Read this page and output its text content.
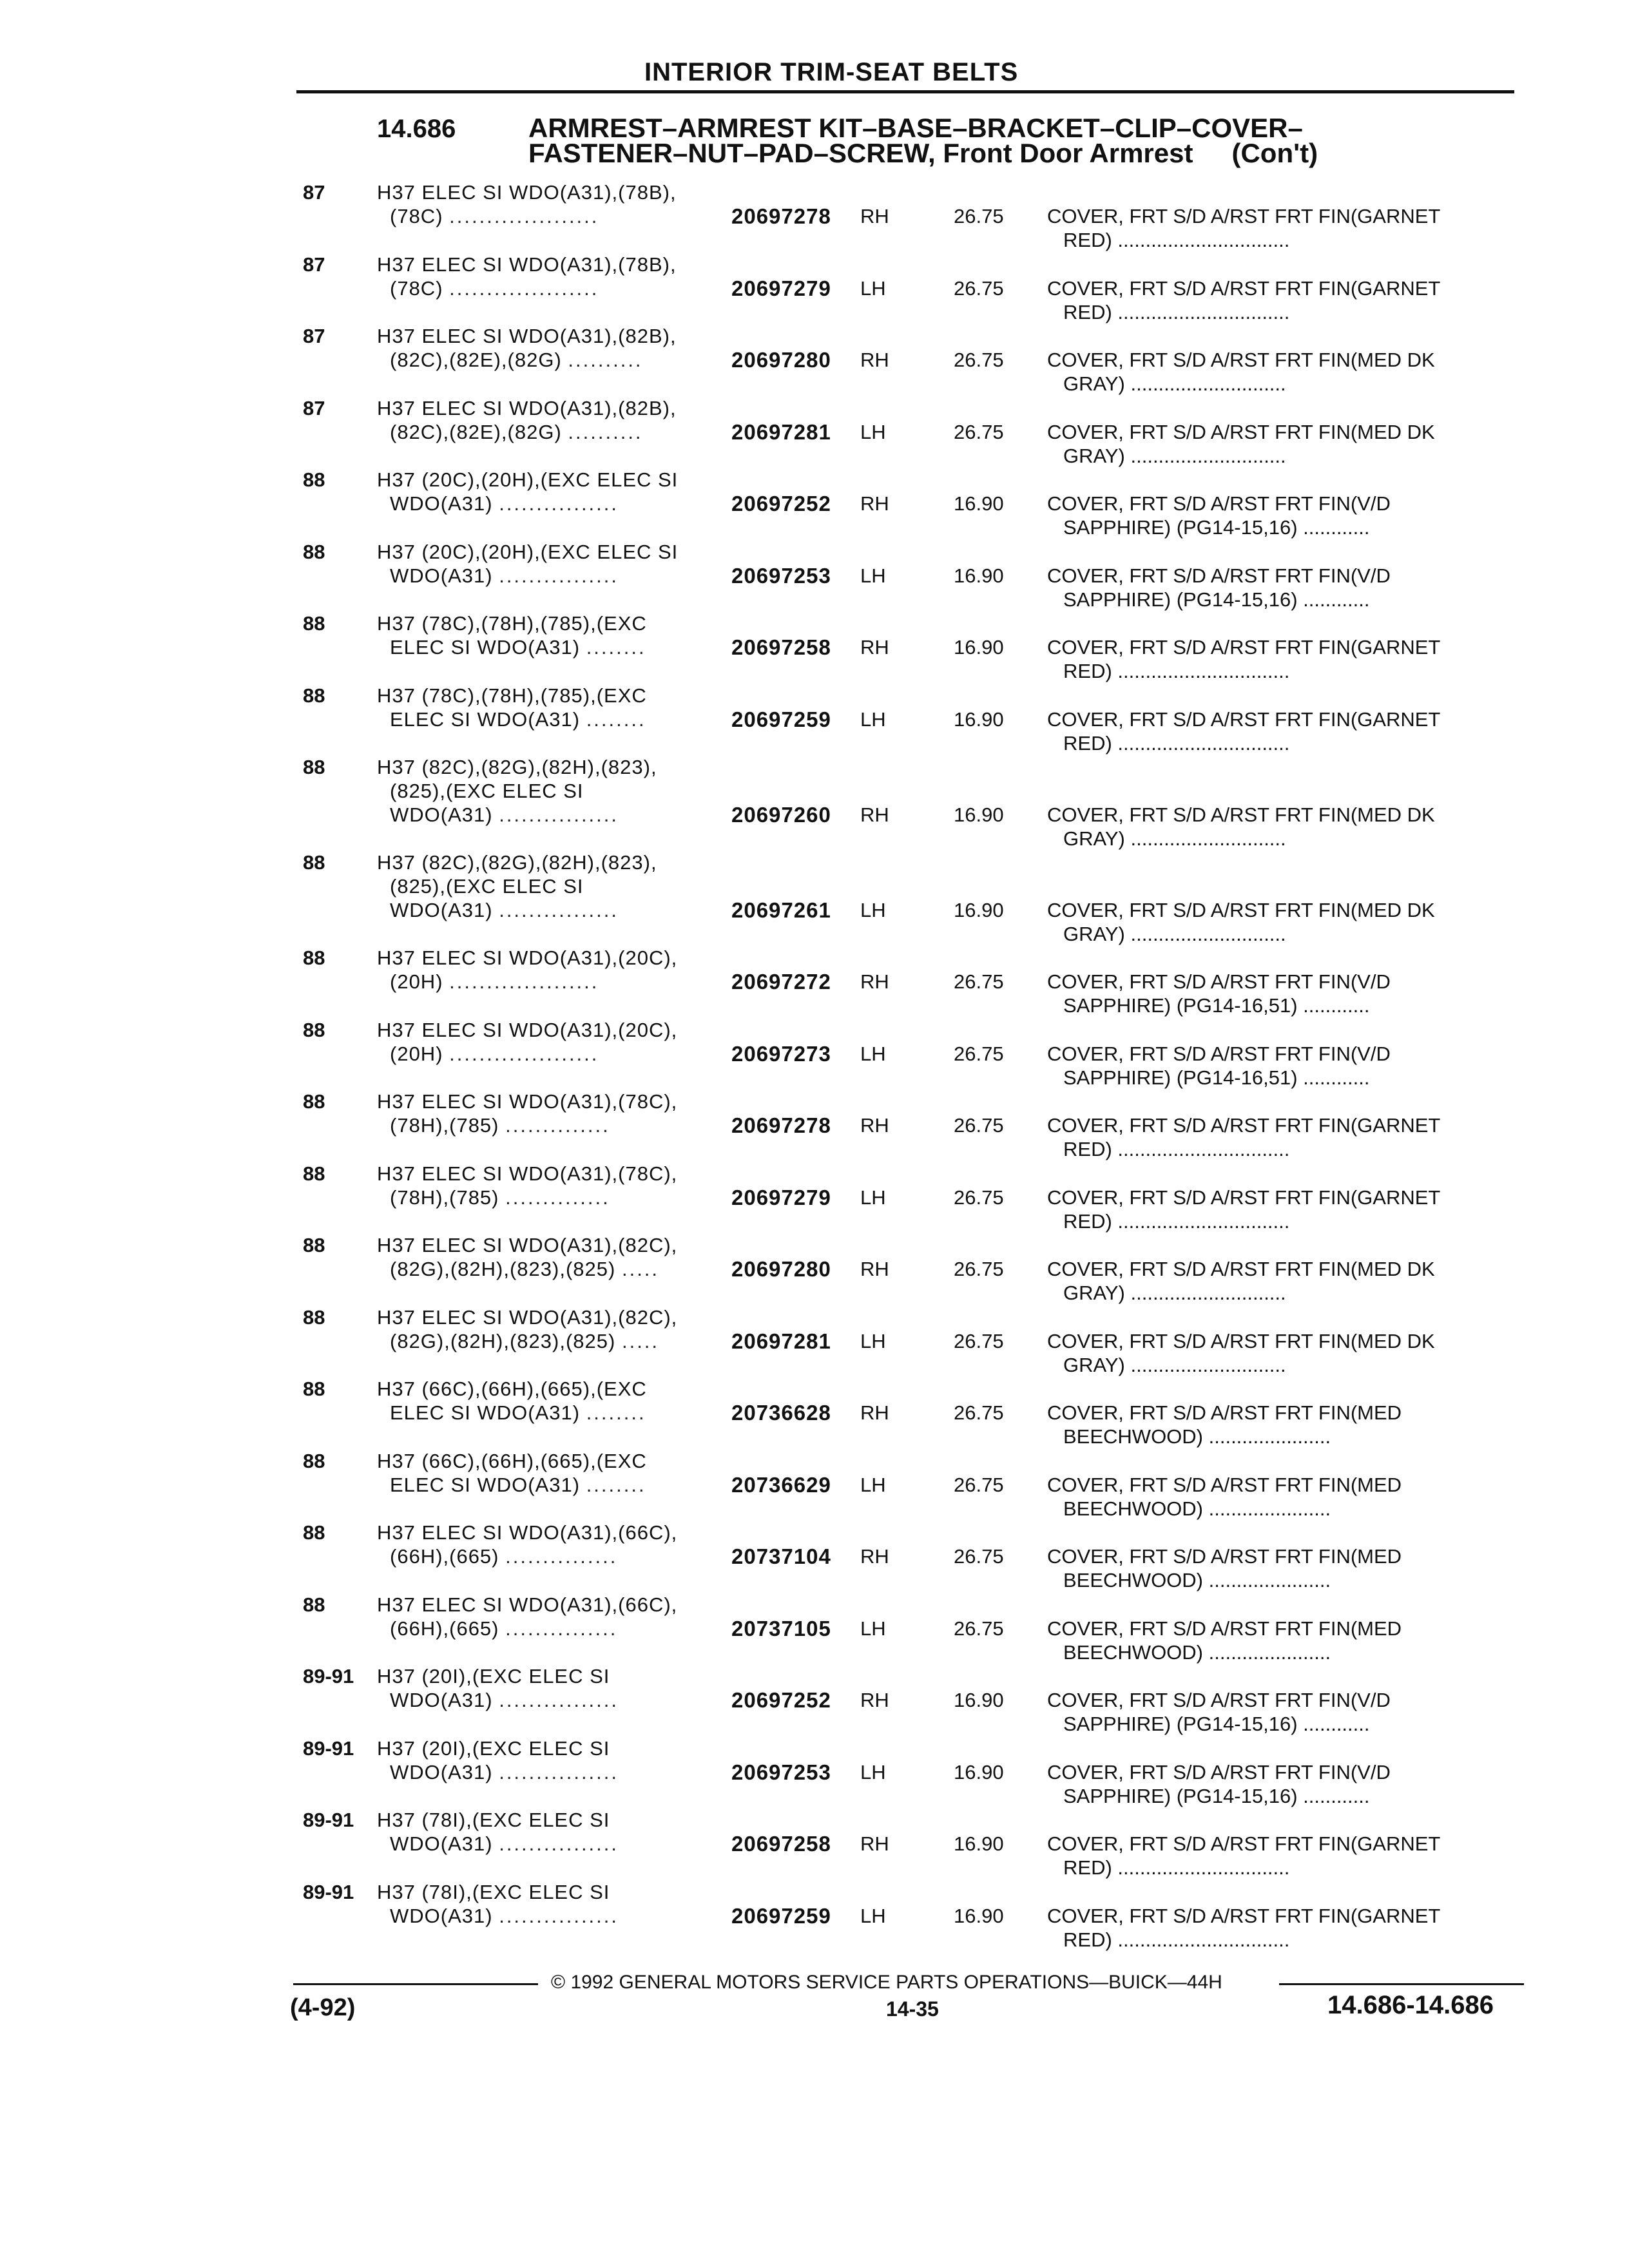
INTERIOR TRIM-SEAT BELTS
14.686	ARMREST–ARMREST KIT–BASE–BRACKET–CLIP–COVER–
FASTENER–NUT–PAD–SCREW, Front Door Armrest (Con't)
87	H37 ELEC SI WDO(A31),(78B),
(78C) ....................	20697278 RH	26.75 COVER, FRT S/D A/RST FRT FIN(GARNET
RED) ...............................
87	H37 ELEC SI WDO(A31),(78B),
(78C) ....................	20697279 LH	26.75 COVER, FRT S/D A/RST FRT FIN(GARNET
RED) ...............................
87	H37 ELEC SI WDO(A31),(82B),
(82C),(82E),(82G) ..........	20697280 RH	26.75 COVER, FRT S/D A/RST FRT FIN(MED DK
GRAY) ............................
87	H37 ELEC SI WDO(A31),(82B),
(82C),(82E),(82G) ..........	20697281 LH	26.75 COVER, FRT S/D A/RST FRT FIN(MED DK
GRAY) ............................
88	H37 (20C),(20H),(EXC ELEC SI
WDO(A31) ................	20697252 RH	16.90 COVER, FRT S/D A/RST FRT FIN(V/D
SAPPHIRE) (PG14-15,16) ............
88	H37 (20C),(20H),(EXC ELEC SI
WDO(A31) ................	20697253 LH	16.90 COVER, FRT S/D A/RST FRT FIN(V/D
SAPPHIRE) (PG14-15,16) ............
88	H37 (78C),(78H),(785),(EXC
ELEC SI WDO(A31) ........	20697258 RH	16.90 COVER, FRT S/D A/RST FRT FIN(GARNET
RED) ...............................
88	H37 (78C),(78H),(785),(EXC
ELEC SI WDO(A31) ........	20697259 LH	16.90 COVER, FRT S/D A/RST FRT FIN(GARNET
RED) ...............................
88	H37 (82C),(82G),(82H),(823),
(825),(EXC ELEC SI
WDO(A31) ................	20697260 RH	16.90 COVER, FRT S/D A/RST FRT FIN(MED DK
GRAY) ............................
88	H37 (82C),(82G),(82H),(823),
(825),(EXC ELEC SI
WDO(A31) ................	20697261 LH	16.90 COVER, FRT S/D A/RST FRT FIN(MED DK
GRAY) ............................
88	H37 ELEC SI WDO(A31),(20C),
(20H) ....................	20697272 RH	26.75 COVER, FRT S/D A/RST FRT FIN(V/D
SAPPHIRE) (PG14-16,51) ............
88	H37 ELEC SI WDO(A31),(20C),
(20H) ....................	20697273 LH	26.75 COVER, FRT S/D A/RST FRT FIN(V/D
SAPPHIRE) (PG14-16,51) ............
88	H37 ELEC SI WDO(A31),(78C),
(78H),(785) ..............	20697278 RH	26.75 COVER, FRT S/D A/RST FRT FIN(GARNET
RED) ...............................
88	H37 ELEC SI WDO(A31),(78C),
(78H),(785) ..............	20697279 LH	26.75 COVER, FRT S/D A/RST FRT FIN(GARNET
RED) ...............................
88	H37 ELEC SI WDO(A31),(82C),
(82G),(82H),(823),(825) .....	20697280 RH	26.75 COVER, FRT S/D A/RST FRT FIN(MED DK
GRAY) ............................
88	H37 ELEC SI WDO(A31),(82C),
(82G),(82H),(823),(825) .....	20697281 LH	26.75 COVER, FRT S/D A/RST FRT FIN(MED DK
GRAY) ............................
88	H37 (66C),(66H),(665),(EXC
ELEC SI WDO(A31) ........	20736628 RH	26.75 COVER, FRT S/D A/RST FRT FIN(MED
BEECHWOOD) ......................
88	H37 (66C),(66H),(665),(EXC
ELEC SI WDO(A31) ........	20736629 LH	26.75 COVER, FRT S/D A/RST FRT FIN(MED
BEECHWOOD) ......................
88	H37 ELEC SI WDO(A31),(66C),
(66H),(665) ...............	20737104 RH	26.75 COVER, FRT S/D A/RST FRT FIN(MED
BEECHWOOD) ......................
88	H37 ELEC SI WDO(A31),(66C),
(66H),(665) ...............	20737105 LH	26.75 COVER, FRT S/D A/RST FRT FIN(MED
BEECHWOOD) ......................
89-91 H37 (20I),(EXC ELEC SI
WDO(A31) ................	20697252 RH	16.90 COVER, FRT S/D A/RST FRT FIN(V/D
SAPPHIRE) (PG14-15,16) ............
89-91 H37 (20I),(EXC ELEC SI
WDO(A31) ................	20697253 LH	16.90 COVER, FRT S/D A/RST FRT FIN(V/D
SAPPHIRE) (PG14-15,16) ............
89-91 H37 (78I),(EXC ELEC SI
WDO(A31) ................	20697258 RH	16.90 COVER, FRT S/D A/RST FRT FIN(GARNET
RED) ...............................
89-91 H37 (78I),(EXC ELEC SI
WDO(A31) ................	20697259 LH	16.90 COVER, FRT S/D A/RST FRT FIN(GARNET
RED) ...............................
© 1992 GENERAL MOTORS SERVICE PARTS OPERATIONS—BUICK—44H
(4-92)	14-35	14.686-14.686
